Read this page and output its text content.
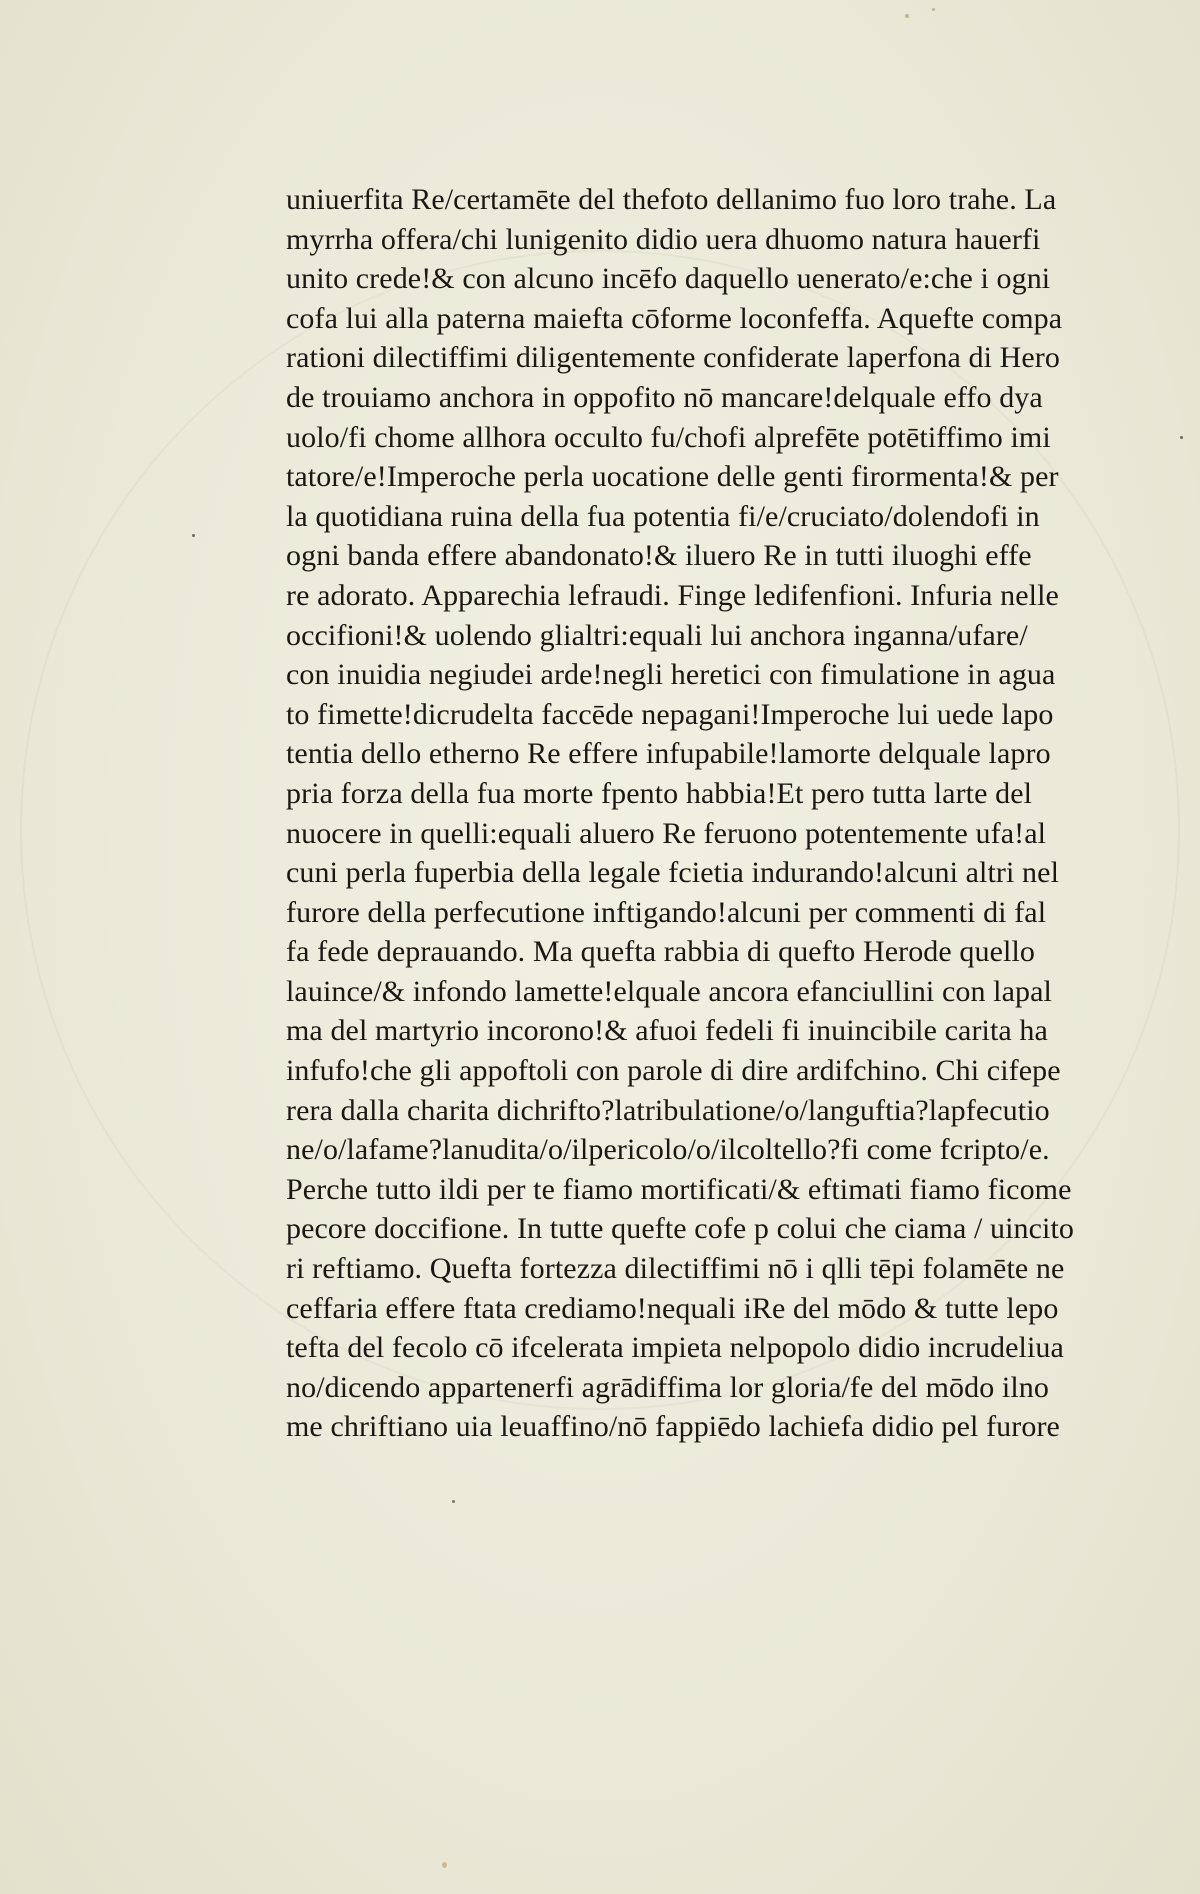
uniuerfita Re/certamēte del thefoto dellanimo fuo loro trahe. La
myrrha offera/chi lunigenito didio uera dhuomo natura hauerfi
unito crede!& con alcuno incēfo daquello uenerato/e:che i ogni
cofa lui alla paterna maiefta cōforme loconfeffa. Aquefte compa
rationi dilectiffimi diligentemente confiderate laperfona di Hero
de trouiamo anchora in oppofito nō mancare!delquale effo dya
uolo/fi chome allhora occulto fu/chofi alprefēte potētiffimo imi
tatore/e!Imperoche perla uocatione delle genti firormenta!& per
la quotidiana ruina della fua potentia fi/e/cruciato/dolendofi in
ogni banda effere abandonato!& iluero Re in tutti iluoghi effe
re adorato. Apparechia lefraudi. Finge ledifenfioni. Infuria nelle
occifioni!& uolendo glialtri:equali lui anchora inganna/ufare/
con inuidia negiudei arde!negli heretici con fimulatione in agua
to fimette!dicrudelta faccēde nepagani!Imperoche lui uede lapo
tentia dello etherno Re effere infupabile!lamorte delquale lapro
pria forza della fua morte fpento habbia!Et pero tutta larte del
nuocere in quelli:equali aluero Re feruono potentemente ufa!al
cuni perla fuperbia della legale fcietia indurando!alcuni altri nel
furore della perfecutione inftigando!alcuni per commenti di fal
fa fede deprauando. Ma quefta rabbia di quefto Herode quello
lauince/& infondo lamette!elquale ancora efanciullini con lapal
ma del martyrio incorono!& afuoi fedeli fi inuincibile carita ha
infufo!che gli appoftoli con parole di dire ardifchino. Chi cifepe
rera dalla charita dichrifto?latribulatione/o/languftia?lapfecutio
ne/o/lafame?lanudita/o/ilpericolo/o/ilcoltello?fi come fcripto/e.
Perche tutto ildi per te fiamo mortificati/& eftimati fiamo ficome
pecore doccifione. In tutte quefte cofe p colui che ciama / uincito
ri reftiamo. Quefta fortezza dilectiffimi nō i qlli tēpi folamēte ne
ceffaria effere ftata crediamo!nequali iRe del mōdo & tutte lepo
tefta del fecolo cō ifcelerata impieta nelpopolo didio incrudeliua
no/dicendo appartenerfi agrādiffima lor gloria/fe del mōdo ilno
me chriftiano uia leuaffino/nō fappiēdo lachiefa didio pel furore
